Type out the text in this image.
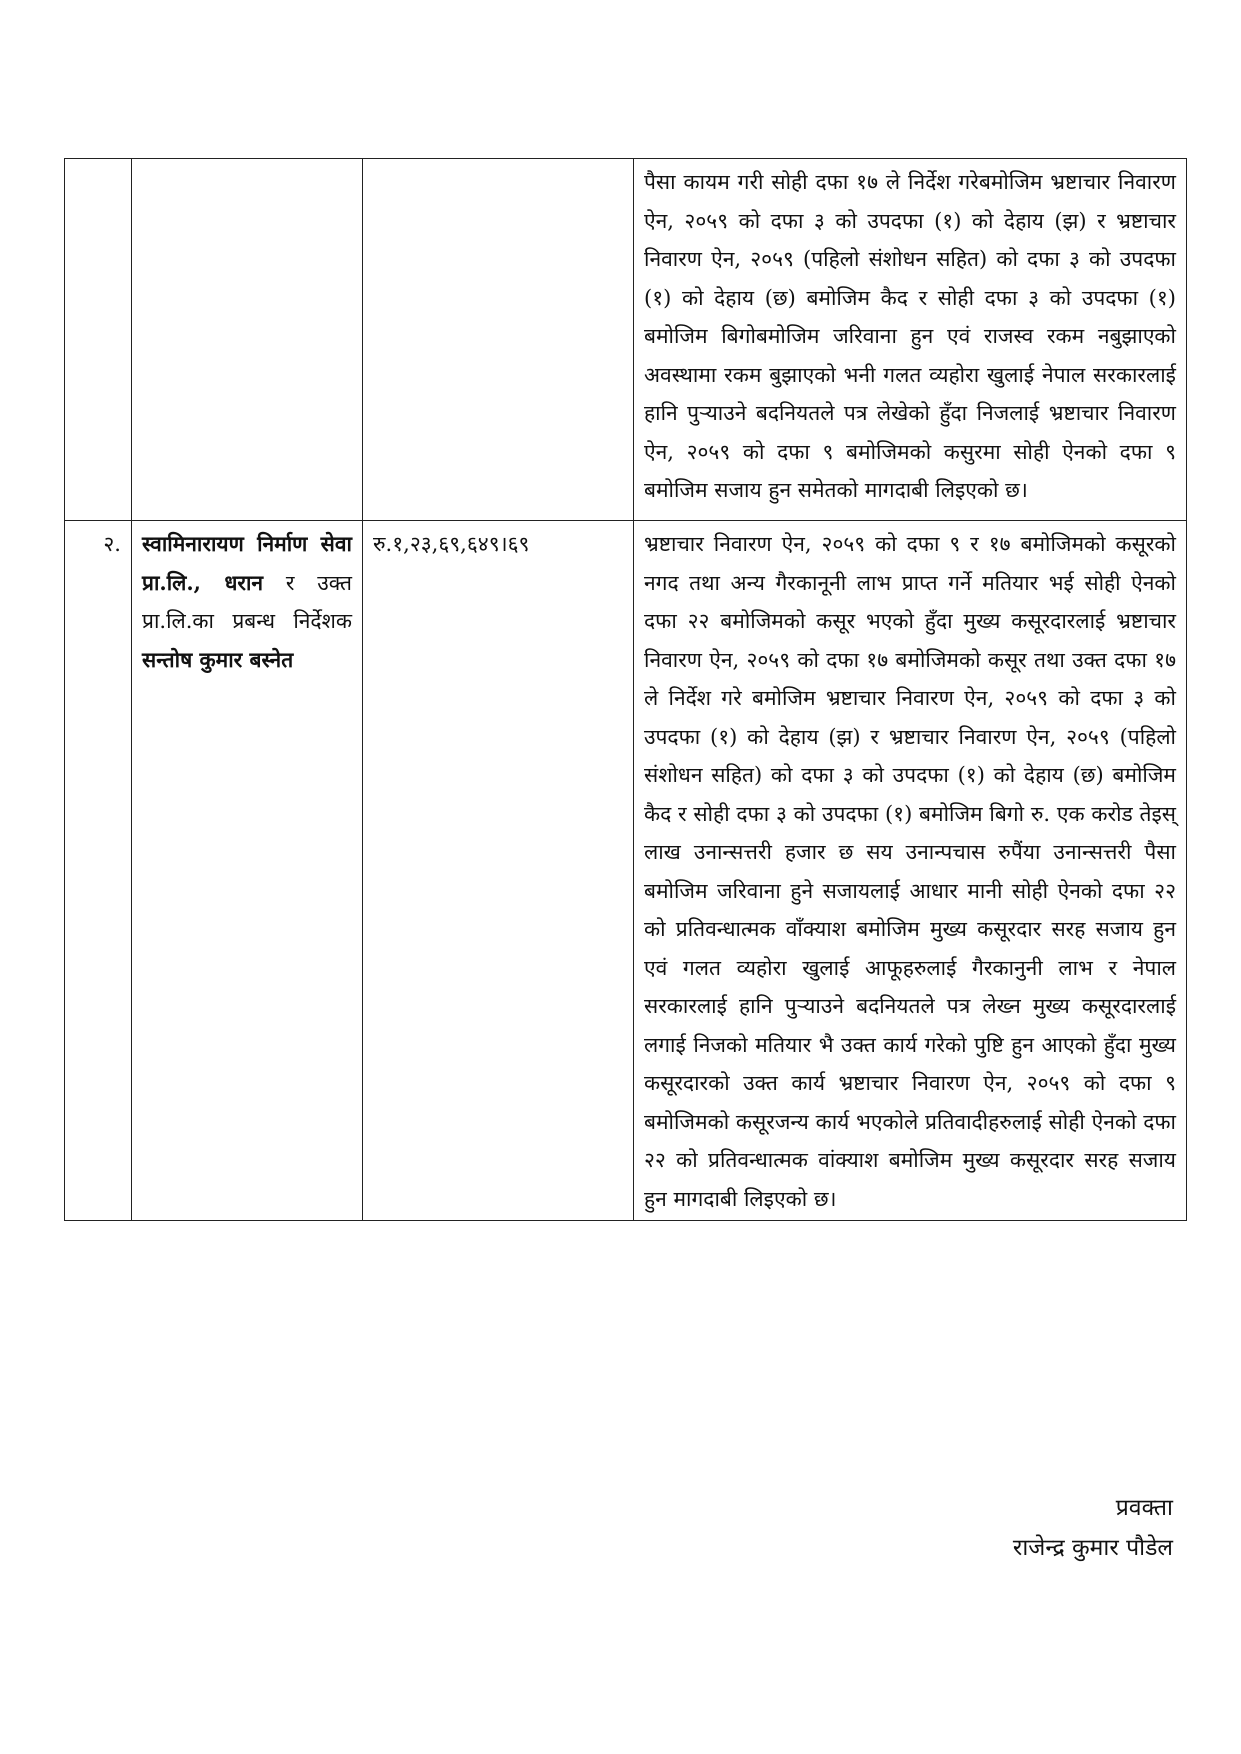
			पैसा कायम गरी सोही दफा १७ ले निर्देश गरेबमोजिम भ्रष्टाचार निवारण ऐन, २०५९ को दफा ३ को उपदफा (१) को देहाय (झ) र भ्रष्टाचार निवारण ऐन, २०५९ (पहिलो संशोधन सहित) को दफा ३ को उपदफा (१) को देहाय (छ) बमोजिम कैद र सोही दफा ३ को उपदफा (१) बमोजिम बिगोबमोजिम जरिवाना हुन एवं राजस्व रकम नबुझाएको अवस्थामा रकम बुझाएको भनी गलत व्यहोरा खुलाई नेपाल सरकारलाई हानि पुऱ्याउने बदनियतले पत्र लेखेको हुँदा निजलाई भ्रष्टाचार निवारण ऐन, २०५९ को दफा ९ बमोजिमको कसुरमा सोही ऐनको दफा ९ बमोजिम सजाय हुन समेतको मागदाबी लिइएको छ।
२.	स्वामिनारायण निर्माण सेवा प्रा.लि., धरान र उक्त प्रा.लि.का प्रबन्ध निर्देशक सन्तोष कुमार बस्नेत	रु.१,२३,६९,६४९।६९	भ्रष्टाचार निवारण ऐन, २०५९ को दफा ९ र १७ बमोजिमको कसूरको नगद तथा अन्य गैरकानूनी लाभ प्राप्त गर्ने मतियार भई सोही ऐनको दफा २२ बमोजिमको कसूर भएको हुँदा मुख्य कसूरदारलाई भ्रष्टाचार निवारण ऐन, २०५९ को दफा १७ बमोजिमको कसूर तथा उक्त दफा १७ ले निर्देश गरे बमोजिम भ्रष्टाचार निवारण ऐन, २०५९ को दफा ३ को उपदफा (१) को देहाय (झ) र भ्रष्टाचार निवारण ऐन, २०५९ (पहिलो संशोधन सहित) को दफा ३ को उपदफा (१) को देहाय (छ) बमोजिम कैद र सोही दफा ३ को उपदफा (१) बमोजिम बिगो रु. एक करोड तेइस् लाख उनान्सत्तरी हजार छ सय उनान्पचास रुपैंया उनान्सत्तरी पैसा बमोजिम जरिवाना हुने सजायलाई आधार मानी सोही ऐनको दफा २२ को प्रतिवन्धात्मक वाँक्याश बमोजिम मुख्य कसूरदार सरह सजाय हुन एवं गलत व्यहोरा खुलाई आफूहरुलाई गैरकानुनी लाभ र नेपाल सरकारलाई हानि पुऱ्याउने बदनियतले पत्र लेख्न मुख्य कसूरदारलाई लगाई निजको मतियार भै उक्त कार्य गरेको पुष्टि हुन आएको हुँदा मुख्य कसूरदारको उक्त कार्य भ्रष्टाचार निवारण ऐन, २०५९ को दफा ९ बमोजिमको कसूरजन्य कार्य भएकोले प्रतिवादीहरुलाई सोही ऐनको दफा २२ को प्रतिवन्धात्मक वांक्याश बमोजिम मुख्य कसूरदार सरह सजाय हुन मागदाबी लिइएको छ।
प्रवक्ता
राजेन्द्र कुमार पौडेल
